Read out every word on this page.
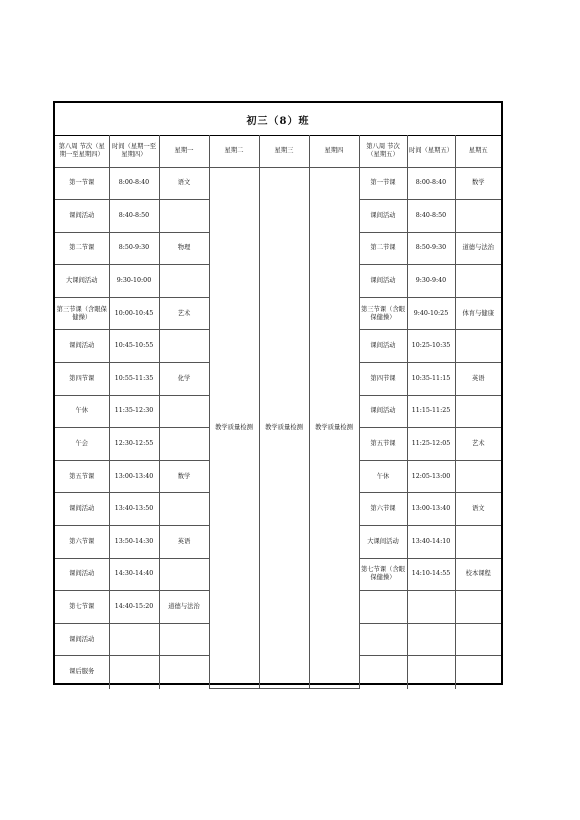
初三（8）班
第八周 节次（星期一至星期四）	时间（星期一至星期四）	星期一	星期二	星期三	星期四	第八周 节次（星期五）	时间（星期五）	星期五
第一节课	8:00-8:40	语文	教学质量检测	教学质量检测	教学质量检测	第一节课	8:00-8:40	数学
课间活动	8:40-8:50					课间活动	8:40-8:50	
第二节课	8:50-9:30	物理				第二节课	8:50-9:30	道德与法治
大课间活动	9:30-10:00					课间活动	9:30-9:40	
第三节课（含眼保健操）	10:00-10:45	艺术				第三节课（含眼保健操）	9:40-10:25	体育与健康
课间活动	10:45-10:55					课间活动	10:25-10:35	
第四节课	10:55-11:35	化学				第四节课	10:35-11:15	英语
午休	11:35-12:30					课间活动	11:15-11:25	
午会	12:30-12:55					第五节课	11:25-12:05	艺术
第五节课	13:00-13:40	数学				午休	12:05-13:00	
课间活动	13:40-13:50					第六节课	13:00-13:40	语文
第六节课	13:50-14:30	英语				大课间活动	13:40-14:10	
课间活动	14:30-14:40					第七节课（含眼保健操）	14:10-14:55	校本课程
第七节课	14:40-15:20	道德与法治						
课间活动								
课后服务								
